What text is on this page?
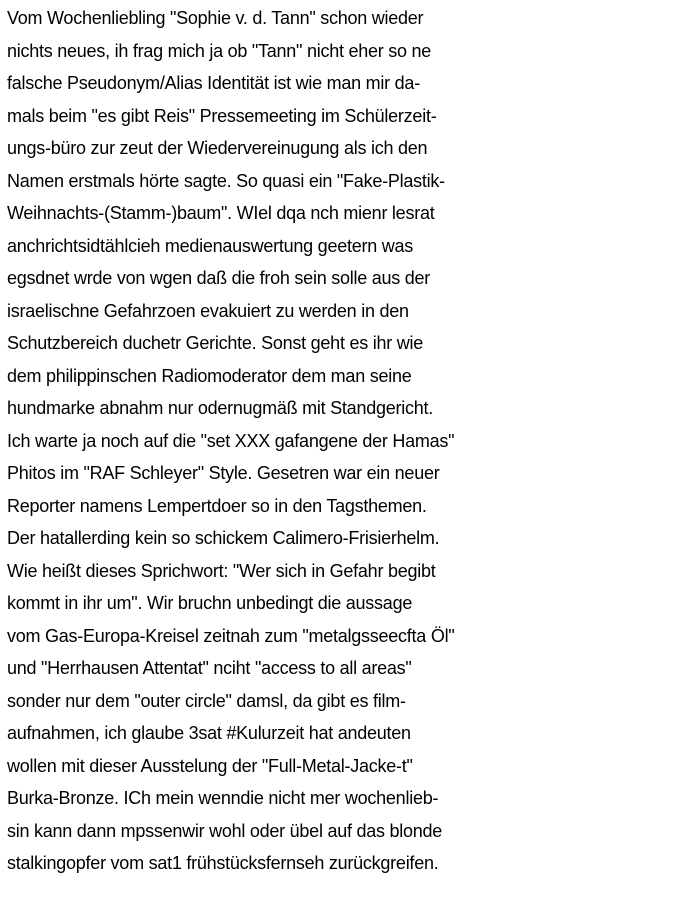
Vom Wochenliebling "Sophie v. d. Tann" schon wieder
nichts neues, ih frag mich ja ob "Tann" nicht eher so ne
falsche Pseudonym/Alias Identität ist wie man mir da-
mals beim "es gibt Reis" Pressemeeting im Schülerzeit-
ungs-büro zur zeut der Wiedervereinugung als ich den
Namen erstmals hörte sagte. So quasi ein "Fake-Plastik-
Weihnachts-(Stamm-)baum". WIel dqa nch mienr lesrat
anchrichtsidtählcieh medienauswertung geetern was
egsdnet wrde von wgen daß die froh sein solle aus der
israelischne Gefahrzoen evakuiert zu werden in den
Schutzbereich duchetr Gerichte. Sonst geht es ihr wie
dem philippinschen Radiomoderator dem man seine
hundmarke abnahm nur odernugmäß mit Standgericht.
Ich warte ja noch auf die "set XXX gafangene der Hamas"
Phitos im "RAF Schleyer" Style. Gesetren war ein neuer
Reporter namens Lempertdoer so in den Tagsthemen.
Der hatallerding kein so schickem Calimero-Frisierhelm.
Wie heißt dieses Sprichwort: "Wer sich in Gefahr begibt
kommt in ihr um". Wir bruchn unbedingt die aussage
vom Gas-Europa-Kreisel zeitnah zum "metalgsseecfta Öl"
und "Herrhausen Attentat" nciht "access to all areas"
sonder nur dem "outer circle" damsl, da gibt es film-
aufnahmen, ich glaube 3sat #Kulurzeit hat andeuten
wollen mit dieser Ausstelung der "Full-Metal-Jacke-t"
Burka-Bronze. ICh mein wenndie nicht mer wochenlieb-
sin kann dann mpssenwir wohl oder übel auf das blonde
stalkingopfer vom sat1 frühstücksfernseh zurückgreifen.
